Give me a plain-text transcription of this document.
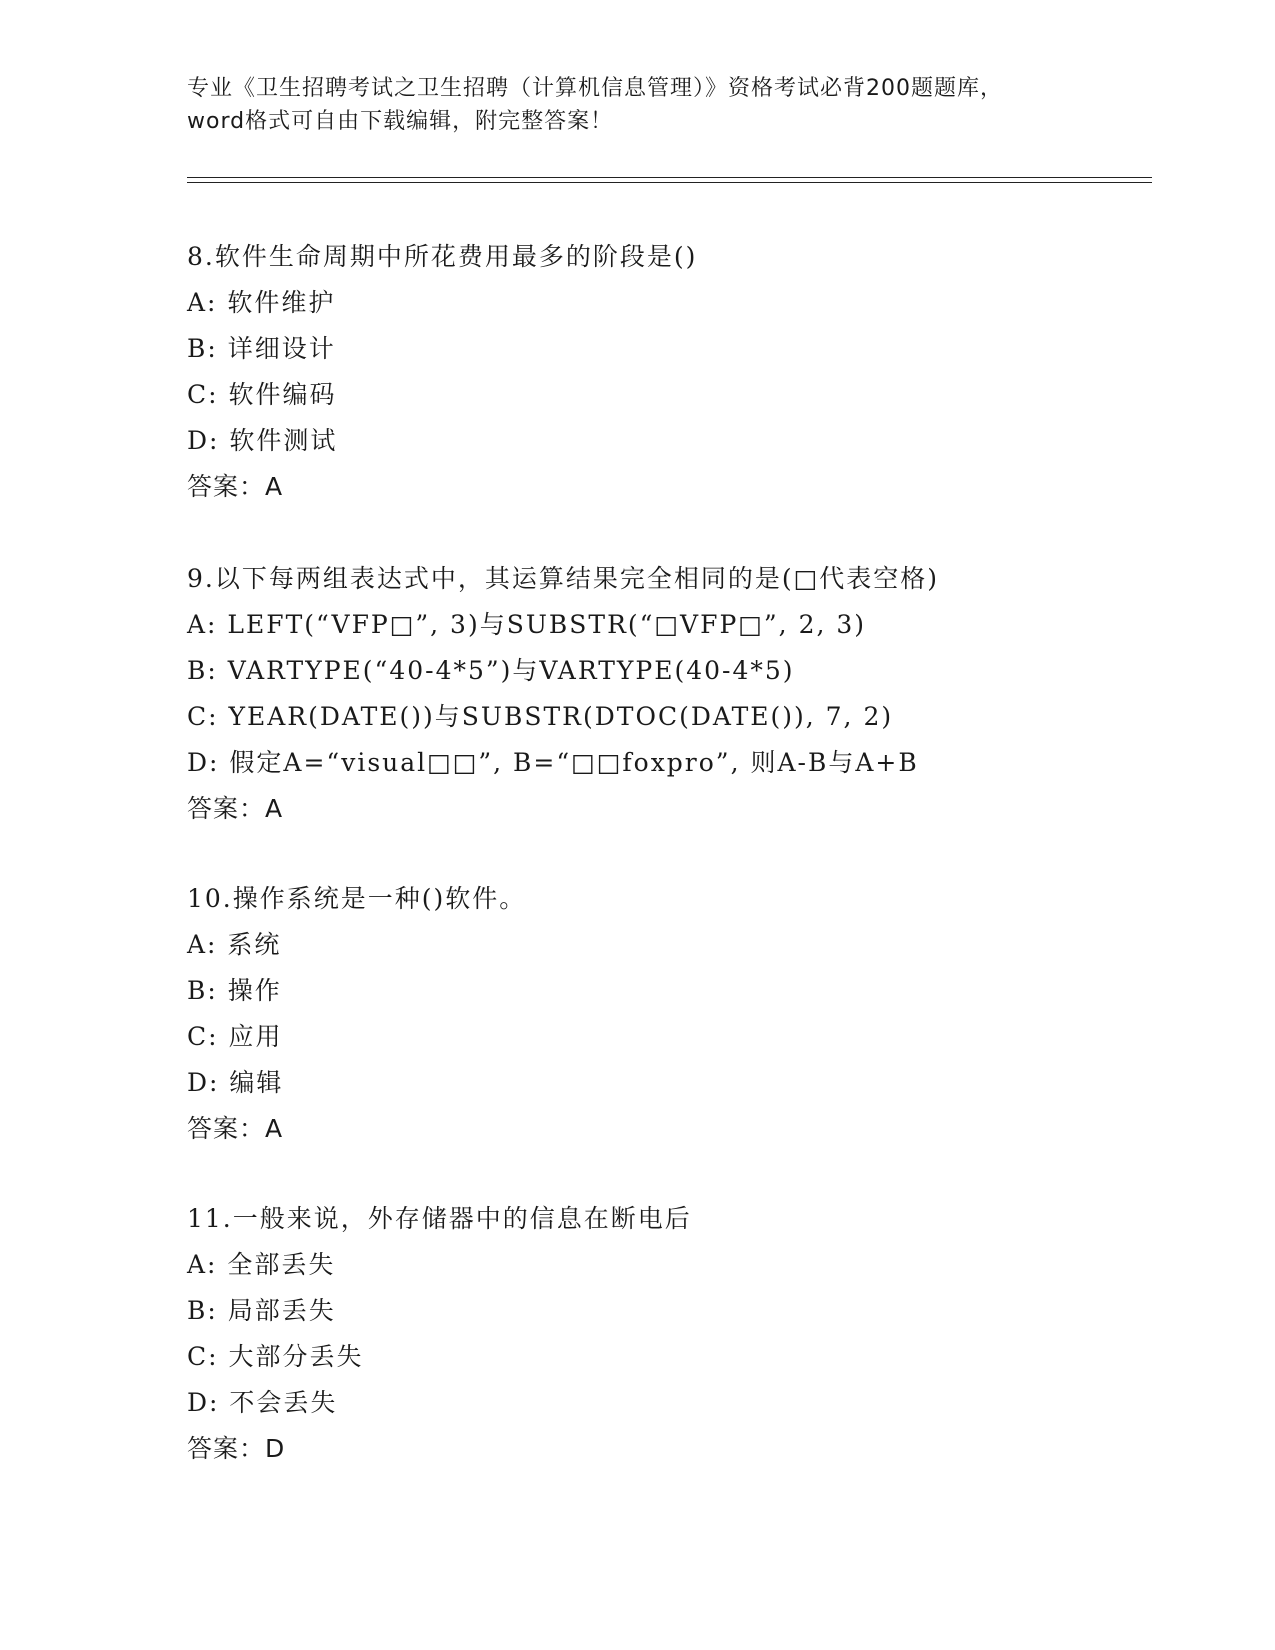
专业《卫生招聘考试之卫生招聘（计算机信息管理）》资格考试必背200题题库，
word格式可自由下载编辑，附完整答案！
8.软件生命周期中所花费用最多的阶段是()
A: 软件维护
B: 详细设计
C: 软件编码
D: 软件测试
答案：A
9.以下每两组表达式中，其运算结果完全相同的是(□代表空格)
A: LEFT(“VFP□”, 3)与SUBSTR(“□VFP□”, 2, 3)
B: VARTYPE(“40-4*5”)与VARTYPE(40-4*5)
C: YEAR(DATE())与SUBSTR(DTOC(DATE()), 7, 2)
D: 假定A=“visual□□”, B=“□□foxpro”, 则A-B与A+B
答案：A
10.操作系统是一种()软件。
A: 系统
B: 操作
C: 应用
D: 编辑
答案：A
11.一般来说，外存储器中的信息在断电后
A: 全部丢失
B: 局部丢失
C: 大部分丢失
D: 不会丢失
答案：D
